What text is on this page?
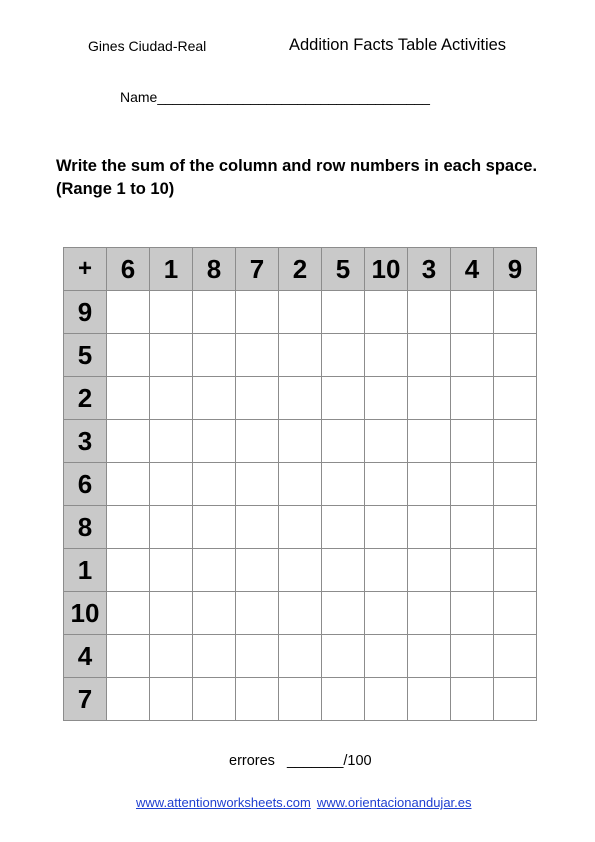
Gines Ciudad-Real	Addition Facts Table Activities
Name___________________________________
Write the sum of the column and row numbers in each space. (Range 1 to 10)
+	6	1	8	7	2	5	10	3	4	9
9										
5										
2										
3										
6										
8										
1										
10										
4										
7										
errores _______/100
www.attentionworksheets.com www.orientacionandujar.es
